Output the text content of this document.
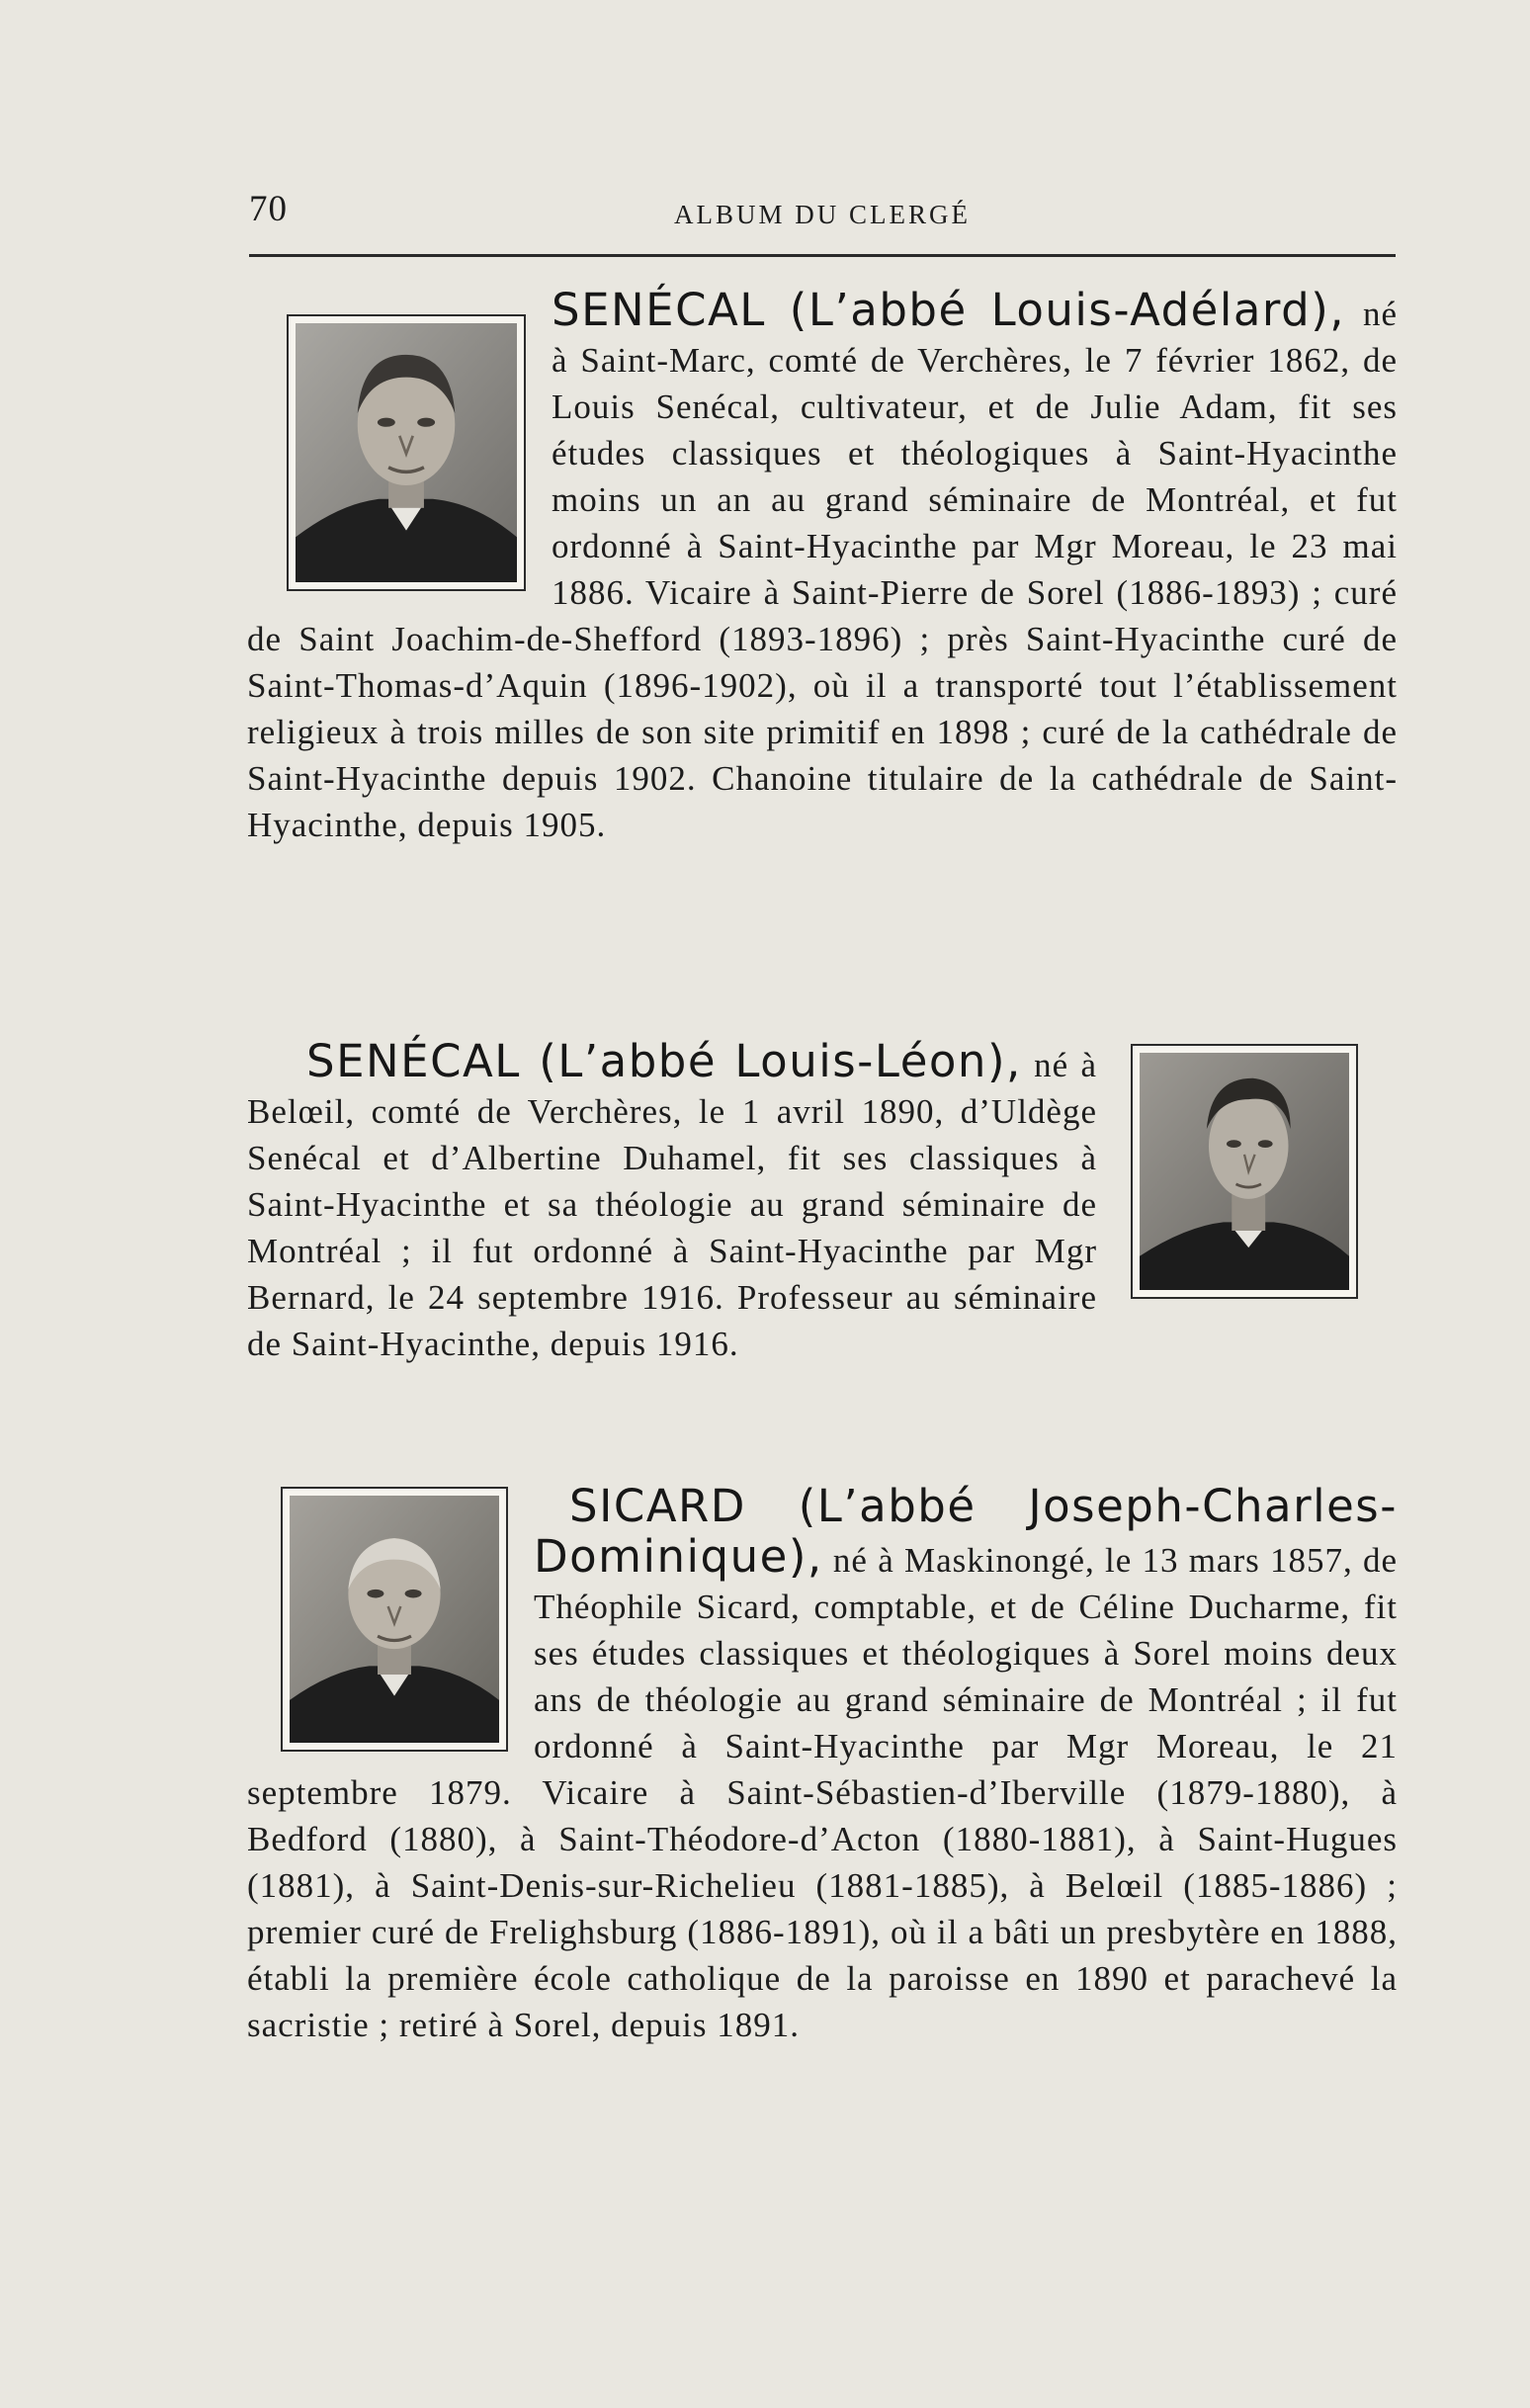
70	ALBUM DU CLERGÉ

SENÉCAL (L’abbé Louis-Adélard), né à Saint-Marc, comté de Verchères, le 7 février 1862, de Louis Senécal, cultivateur, et de Julie Adam, fit ses études classiques et théologiques à Saint-Hyacinthe moins un an au grand séminaire de Montréal, et fut ordonné à Saint-Hyacinthe par Mgr Moreau, le 23 mai 1886. Vicaire à Saint-Pierre de Sorel (1886-1893) ; curé de Saint Joachim-de-Shefford (1893-1896) ; près Saint-Hyacinthe curé de Saint-Thomas-d’Aquin (1896-1902), où il a transporté tout l’établissement religieux à trois milles de son site primitif en 1898 ; curé de la cathédrale de Saint-Hyacinthe depuis 1902. Chanoine titulaire de la cathédrale de Saint-Hyacinthe, depuis 1905.

SENÉCAL (L’abbé Louis-Léon), né à Belœil, comté de Verchères, le 1 avril 1890, d’Uldège Senécal et d’Albertine Duhamel, fit ses classiques à Saint-Hyacinthe et sa théologie au grand séminaire de Montréal ; il fut ordonné à Saint-Hyacinthe par Mgr Bernard, le 24 septembre 1916. Professeur au séminaire de Saint-Hyacinthe, depuis 1916.

SICARD (L’abbé Joseph-Charles-Dominique), né à Maskinongé, le 13 mars 1857, de Théophile Sicard, comptable, et de Céline Ducharme, fit ses études classiques et théologiques à Sorel moins deux ans de théologie au grand séminaire de Montréal ; il fut ordonné à Saint-Hyacinthe par Mgr Moreau, le 21 septembre 1879. Vicaire à Saint-Sébastien-d’Iberville (1879-1880), à Bedford (1880), à Saint-Théodore-d’Acton (1880-1881), à Saint-Hugues (1881), à Saint-Denis-sur-Richelieu (1881-1885), à Belœil (1885-1886) ; premier curé de Frelighsburg (1886-1891), où il a bâti un presbytère en 1888, établi la première école catholique de la paroisse en 1890 et parachevé la sacristie ; retiré à Sorel, depuis 1891.
